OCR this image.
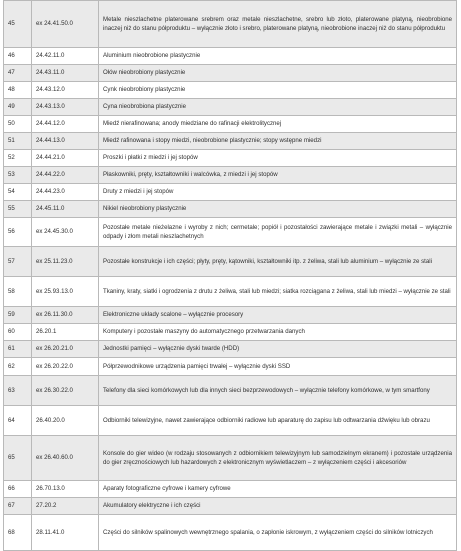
45	ex 24.41.50.0	Metale nieszlachetne platerowane srebrem oraz metale nieszlachetne, srebro lub złoto, platerowane platyną, nieobrobione inaczej niż do stanu półproduktu – wyłącznie złoto i srebro, platerowane platyną, nieobrobione inaczej niż do stanu półproduktu
46	24.42.11.0	Aluminium nieobrobione plastycznie
47	24.43.11.0	Ołów nieobrobiony plastycznie
48	24.43.12.0	Cynk nieobrobiony plastycznie
49	24.43.13.0	Cyna nieobrobiona plastycznie
50	24.44.12.0	Miedź nierafinowana; anody miedziane do rafinacji elektrolitycznej
51	24.44.13.0	Miedź rafinowana i stopy miedzi, nieobrobione plastycznie; stopy wstępne miedzi
52	24.44.21.0	Proszki i płatki z miedzi i jej stopów
53	24.44.22.0	Płaskowniki, pręty, kształtowniki i walcówka, z miedzi i jej stopów
54	24.44.23.0	Druty z miedzi i jej stopów
55	24.45.11.0	Nikiel nieobrobiony plastycznie
56	ex 24.45.30.0	Pozostałe metale nieżelazne i wyroby z nich; cermetale; popiół i pozostałości zawierające metale i związki metali – wyłącznie odpady i złom metali nieszlachetnych
57	ex 25.11.23.0	Pozostałe konstrukcje i ich części; płyty, pręty, kątowniki, kształtowniki itp. z żeliwa, stali lub aluminium – wyłącznie ze stali
58	ex 25.93.13.0	Tkaniny, kraty, siatki i ogrodzenia z drutu z żeliwa, stali lub miedzi; siatka rozciągana z żeliwa, stali lub miedzi – wyłącznie ze stali
59	ex 26.11.30.0	Elektroniczne układy scalone – wyłącznie procesory
60	26.20.1	Komputery i pozostałe maszyny do automatycznego przetwarzania danych
61	ex 26.20.21.0	Jednostki pamięci – wyłącznie dyski twarde (HDD)
62	ex 26.20.22.0	Półprzewodnikowe urządzenia pamięci trwałej – wyłącznie dyski SSD
63	ex 26.30.22.0	Telefony dla sieci komórkowych lub dla innych sieci bezprzewodowych – wyłącznie telefony komórkowe, w tym smartfony
64	26.40.20.0	Odbiorniki telewizyjne, nawet zawierające odbiorniki radiowe lub aparaturę do zapisu lub odtwarzania dźwięku lub obrazu
65	ex 26.40.60.0	Konsole do gier wideo (w rodzaju stosowanych z odbiornikiem telewizyjnym lub samodzielnym ekranem) i pozostałe urządzenia do gier zręcznościowych lub hazardowych z elektronicznym wyświetlaczem – z wyłączeniem części i akcesoriów
66	26.70.13.0	Aparaty fotograficzne cyfrowe i kamery cyfrowe
67	27.20.2	Akumulatory elektryczne i ich części
68	28.11.41.0	Części do silników spalinowych wewnętrznego spalania, o zapłonie iskrowym, z wyłączeniem części do silników lotniczych
